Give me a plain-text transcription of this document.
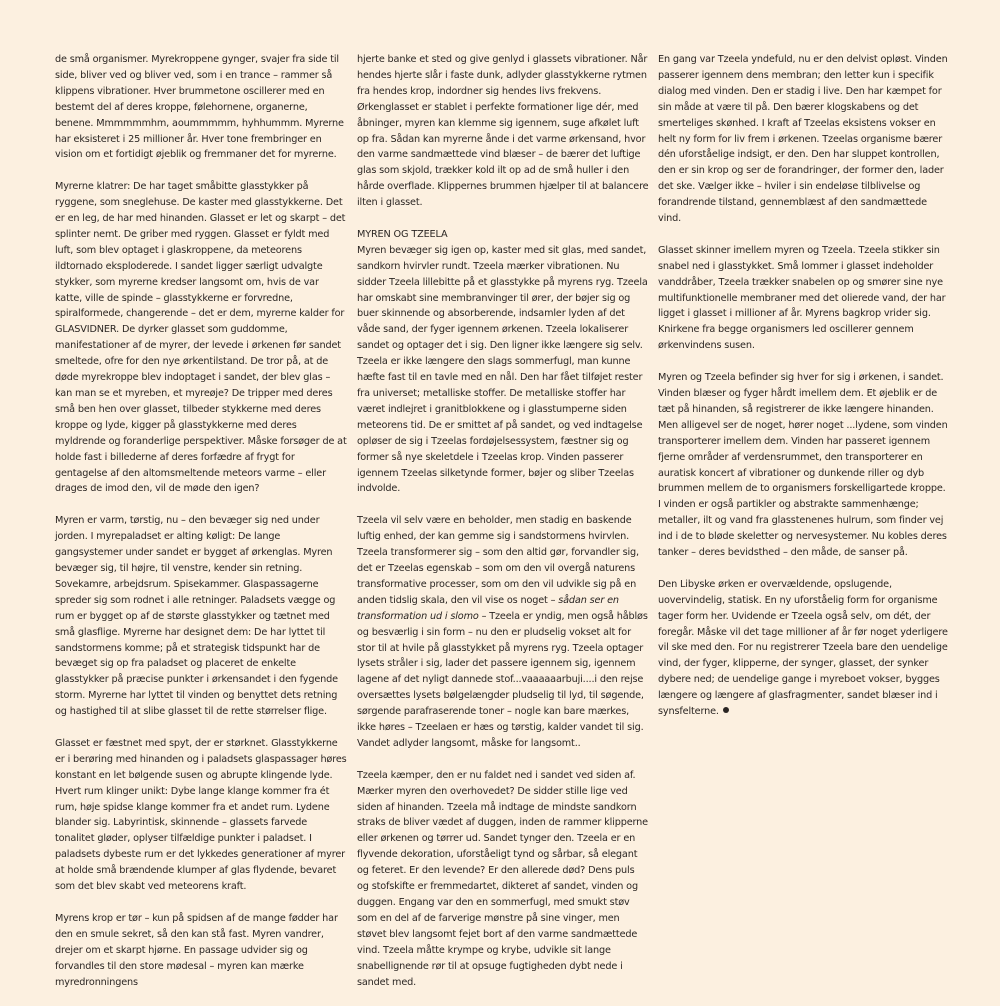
de små organismer. Myrekroppene gynger, svajer fra side til side, bliver ved og bliver ved, som i en trance – rammer så klippens vibrationer. Hver brummetone oscillerer med en bestemt del af deres kroppe, følehornene, organerne, benene. Mmmmmmhm, aoummmmm, hyhhummm. Myrerne har eksisteret i 25 millioner år. Hver tone frembringer en vision om et fortidigt øjeblik og fremmaner det for myrerne.

Myrerne klatrer: De har taget småbitte glasstykker på ryggene, som sneglehuse. De kaster med glasstykkerne. Det er en leg, de har med hinanden. Glasset er let og skarpt – det splinter nemt. De griber med ryggen. Glasset er fyldt med luft, som blev optaget i glaskroppene, da meteorens ildtornado eksploderede. I sandet ligger særligt udvalgte stykker, som myrerne kredser langsomt om, hvis de var katte, ville de spinde – glasstykkerne er forvredne, spiralformede, changerende – det er dem, myrerne kalder for GLASVIDNER. De dyrker glasset som guddomme, manifestationer af de myrer, der levede i ørkenen før sandet smeltede, ofre for den nye ørkentilstand. De tror på, at de døde myrekroppe blev indoptaget i sandet, der blev glas – kan man se et myreben, et myreøje? De tripper med deres små ben hen over glasset, tilbeder stykkerne med deres kroppe og lyde, kigger på glasstykkerne med deres myldrende og foranderlige perspektiver. Måske forsøger de at holde fast i billederne af deres forfædre af frygt for gentagelse af den altomsmeltende meteors varme – eller drages de imod den, vil de møde den igen?

Myren er varm, tørstig, nu – den bevæger sig ned under jorden. I myrepaladset er alting køligt: De lange gangsystemer under sandet er bygget af ørkenglas. Myren bevæger sig, til højre, til venstre, kender sin retning. Sovekamre, arbejdsrum. Spisekammer. Glaspassagerne spreder sig som rodnet i alle retninger. Paladsets vægge og rum er bygget op af de største glasstykker og tætnet med små glasflige. Myrerne har designet dem: De har lyttet til sandstormens komme; på et strategisk tidspunkt har de bevæget sig op fra paladset og placeret de enkelte glasstykker på præcise punkter i ørkensandet i den fygende storm. Myrerne har lyttet til vinden og benyttet dets retning og hastighed til at slibe glasset til de rette størrelser flige.

Glasset er fæstnet med spyt, der er størknet. Glasstykkerne er i berøring med hinanden og i paladsets glaspassager høres konstant en let bølgende susen og abrupte klingende lyde. Hvert rum klinger unikt: Dybe lange klange kommer fra ét rum, høje spidse klange kommer fra et andet rum. Lydene blander sig. Labyrintisk, skinnende – glassets farvede tonalitet gløder, oplyser tilfældige punkter i paladset. I paladsets dybeste rum er det lykkedes generationer af myrer at holde små brændende klumper af glas flydende, bevaret som det blev skabt ved meteorens kraft.

Myrens krop er tør – kun på spidsen af de mange fødder har den en smule sekret, så den kan stå fast. Myren vandrer, drejer om et skarpt hjørne. En passage udvider sig og forvandles til den store mødesal – myren kan mærke myredronningens

hjerte banke et sted og give genlyd i glassets vibrationer. Når hendes hjerte slår i faste dunk, adlyder glasstykkerne rytmen fra hendes krop, indordner sig hendes livs frekvens. Ørkenglasset er stablet i perfekte formationer lige dér, med åbninger, myren kan klemme sig igennem, suge afkølet luft op fra. Sådan kan myrerne ånde i det varme ørkensand, hvor den varme sandmættede vind blæser – de bærer det luftige glas som skjold, trækker kold ilt op ad de små huller i den hårde overflade. Klippernes brummen hjælper til at balancere ilten i glasset.

MYREN OG TZEELA

Myren bevæger sig igen op, kaster med sit glas, med sandet, sandkorn hvirvler rundt. Tzeela mærker vibrationen. Nu sidder Tzeela lillebitte på et glasstykke på myrens ryg. Tzeela har omskabt sine membranvinger til ører, der bøjer sig og buer skinnende og absorberende, indsamler lyden af det våde sand, der fyger igennem ørkenen. Tzeela lokaliserer sandet og optager det i sig. Den ligner ikke længere sig selv. Tzeela er ikke længere den slags sommerfugl, man kunne hæfte fast til en tavle med en nål. Den har fået tilføjet rester fra universet; metalliske stoffer. De metalliske stoffer har været indlejret i granitblokkene og i glasstumperne siden meteorens tid. De er smittet af på sandet, og ved indtagelse opløser de sig i Tzeelas fordøjelsessystem, fæstner sig og former så nye skeletdele i Tzeelas krop. Vinden passerer igennem Tzeelas silketynde former, bøjer og sliber Tzeelas indvolde.

Tzeela vil selv være en beholder, men stadig en baskende luftig enhed, der kan gemme sig i sandstormens hvirvlen. Tzeela transformerer sig – som den altid gør, forvandler sig, det er Tzeelas egenskab – som om den vil overgå naturens transformative processer, som om den vil udvikle sig på en anden tidslig skala, den vil vise os noget – sådan ser en transformation ud i slomo – Tzeela er yndig, men også håbløs og besværlig i sin form – nu den er pludselig vokset alt for stor til at hvile på glasstykket på myrens ryg. Tzeela optager lysets stråler i sig, lader det passere igennem sig, igennem lagene af det nyligt dannede stof...vaaaaaarbuji....i den rejse oversættes lysets bølgelængder pludselig til lyd, til søgende, sørgende parafraserende toner – nogle kan bare mærkes, ikke høres – Tzeelaen er hæs og tørstig, kalder vandet til sig. Vandet adlyder langsomt, måske for langsomt..

Tzeela kæmper, den er nu faldet ned i sandet ved siden af. Mærker myren den overhovedet? De sidder stille lige ved siden af hinanden. Tzeela må indtage de mindste sandkorn straks de bliver vædet af duggen, inden de rammer klipperne eller ørkenen og tørrer ud. Sandet tynger den. Tzeela er en flyvende dekoration, uforståeligt tynd og sårbar, så elegant og feteret. Er den levende? Er den allerede død? Dens puls og stofskifte er fremmedartet, dikteret af sandet, vinden og duggen. Engang var den en sommerfugl, med smukt støv som en del af de farverige mønstre på sine vinger, men støvet blev langsomt fejet bort af den varme sandmættede vind. Tzeela måtte krympe og krybe, udvikle sit lange snabellignende rør til at opsuge fugtigheden dybt nede i sandet med.

En gang var Tzeela yndefuld, nu er den delvist opløst. Vinden passerer igennem dens membran; den letter kun i specifik dialog med vinden. Den er stadig i live. Den har kæmpet for sin måde at være til på. Den bærer klogskabens og det smerteliges skønhed. I kraft af Tzeelas eksistens vokser en helt ny form for liv frem i ørkenen. Tzeelas organisme bærer dén uforståelige indsigt, er den. Den har sluppet kontrollen, den er sin krop og ser de forandringer, der former den, lader det ske. Vælger ikke – hviler i sin endeløse tilblivelse og forandrende tilstand, gennemblæst af den sandmættede vind.

Glasset skinner imellem myren og Tzeela. Tzeela stikker sin snabel ned i glasstykket. Små lommer i glasset indeholder vanddråber, Tzeela trækker snabelen op og smører sine nye multifunktionelle membraner med det olierede vand, der har ligget i glasset i millioner af år. Myrens bagkrop vrider sig. Knirkene fra begge organismers led oscillerer gennem ørkenvindens susen.

Myren og Tzeela befinder sig hver for sig i ørkenen, i sandet. Vinden blæser og fyger hårdt imellem dem. Et øjeblik er de tæt på hinanden, så registrerer de ikke længere hinanden. Men alligevel ser de noget, hører noget ...lydene, som vinden transporterer imellem dem. Vinden har passeret igennem fjerne områder af verdensrummet, den transporterer en auratisk koncert af vibrationer og dunkende riller og dyb brummen mellem de to organismers forskelligartede kroppe. I vinden er også partikler og abstrakte sammenhænge; metaller, ilt og vand fra glasstenenes hulrum, som finder vej ind i de to bløde skeletter og nervesystemer. Nu kobles deres tanker – deres bevidsthed – den måde, de sanser på.

Den Libyske ørken er overvældende, opslugende, uovervindelig, statisk. En ny uforståelig form for organisme tager form her. Uvidende er Tzeela også selv, om dét, der foregår. Måske vil det tage millioner af år før noget yderligere vil ske med den. For nu registrerer Tzeela bare den uendelige vind, der fyger, klipperne, der synger, glasset, der synker dybere ned; de uendelige gange i myreboet vokser, bygges længere og længere af glasfragmenter, sandet blæser ind i synsfelterne.
